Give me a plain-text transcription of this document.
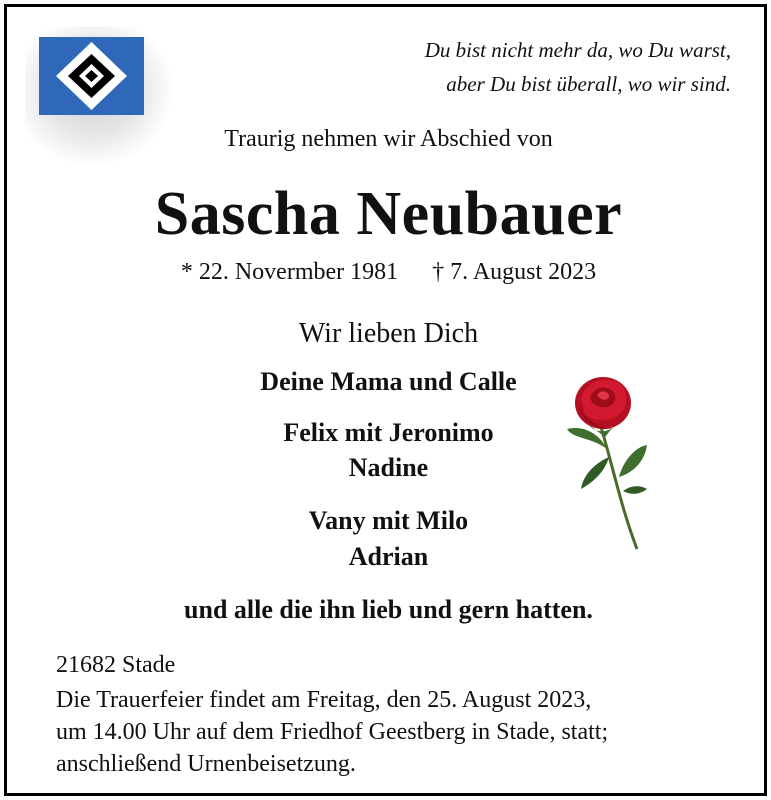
Du bist nicht mehr da, wo Du warst,
aber Du bist überall, wo wir sind.
Traurig nehmen wir Abschied von
Sascha Neubauer
* 22. Novermber 1981 † 7. August 2023
Wir lieben Dich
Deine Mama und Calle
Felix mit Jeronimo
Nadine
Vany mit Milo
Adrian
und alle die ihn lieb und gern hatten.
21682 Stade
Die Trauerfeier findet am Freitag, den 25. August 2023,
um 14.00 Uhr auf dem Friedhof Geestberg in Stade, statt;
anschließend Urnenbeisetzung.
